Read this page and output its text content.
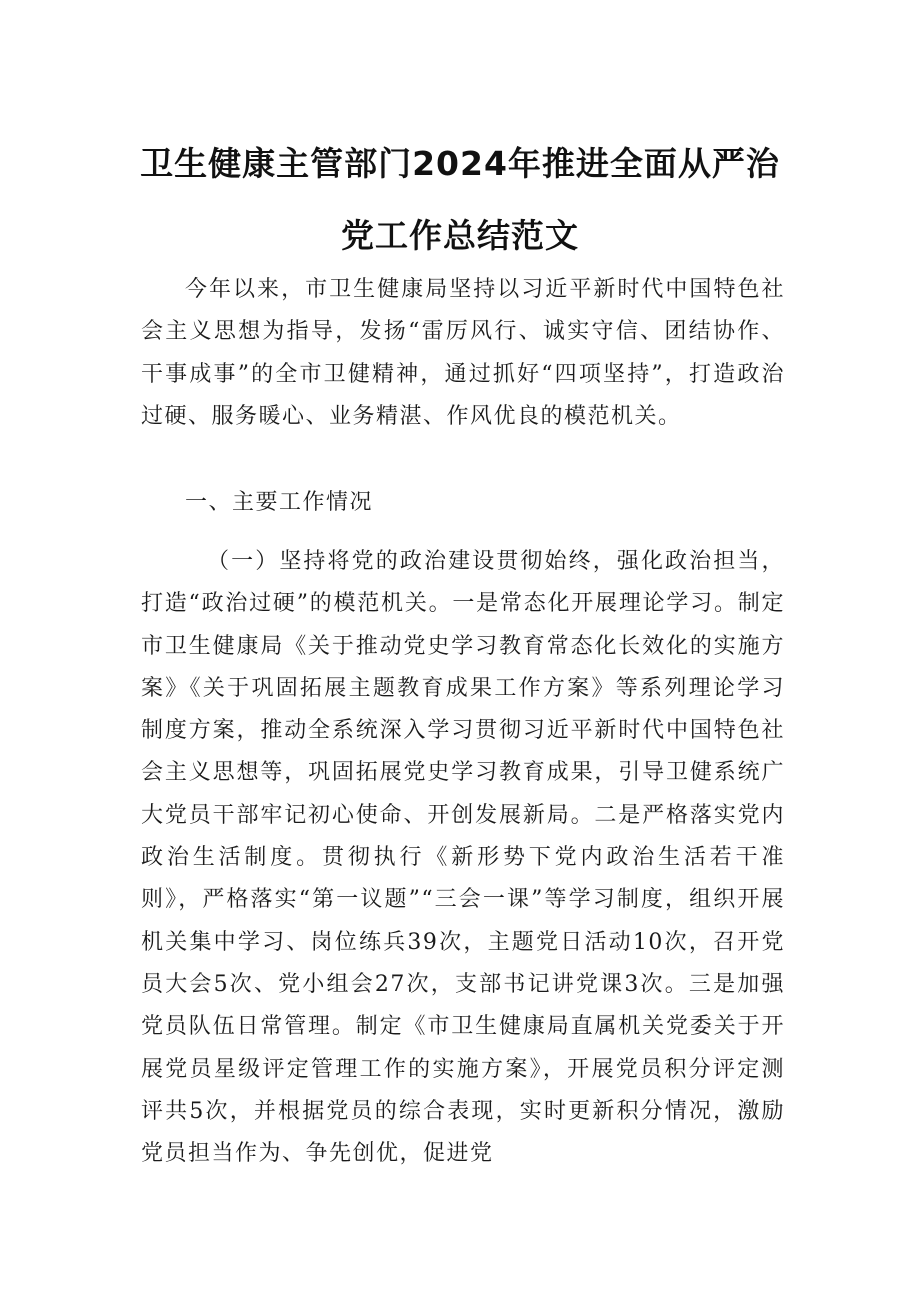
卫生健康主管部门2024年推进全面从严治
党工作总结范文
今年以来，市卫生健康局坚持以习近平新时代中国特色社会主义思想为指导，发扬“雷厉风行、诚实守信、团结协作、干事成事”的全市卫健精神，通过抓好“四项坚持”，打造政治过硬、服务暖心、业务精湛、作风优良的模范机关。
一、主要工作情况
（一）坚持将党的政治建设贯彻始终，强化政治担当，打造“政治过硬”的模范机关。一是常态化开展理论学习。制定市卫生健康局《关于推动党史学习教育常态化长效化的实施方案》《关于巩固拓展主题教育成果工作方案》等系列理论学习制度方案，推动全系统深入学习贯彻习近平新时代中国特色社会主义思想等，巩固拓展党史学习教育成果，引导卫健系统广大党员干部牢记初心使命、开创发展新局。二是严格落实党内政治生活制度。贯彻执行《新形势下党内政治生活若干准则》，严格落实“第一议题”“三会一课”等学习制度，组织开展机关集中学习、岗位练兵39次，主题党日活动10次，召开党员大会5次、党小组会27次，支部书记讲党课3次。三是加强党员队伍日常管理。制定《市卫生健康局直属机关党委关于开展党员星级评定管理工作的实施方案》，开展党员积分评定测评共5次，并根据党员的综合表现，实时更新积分情况，激励党员担当作为、争先创优，促进党
